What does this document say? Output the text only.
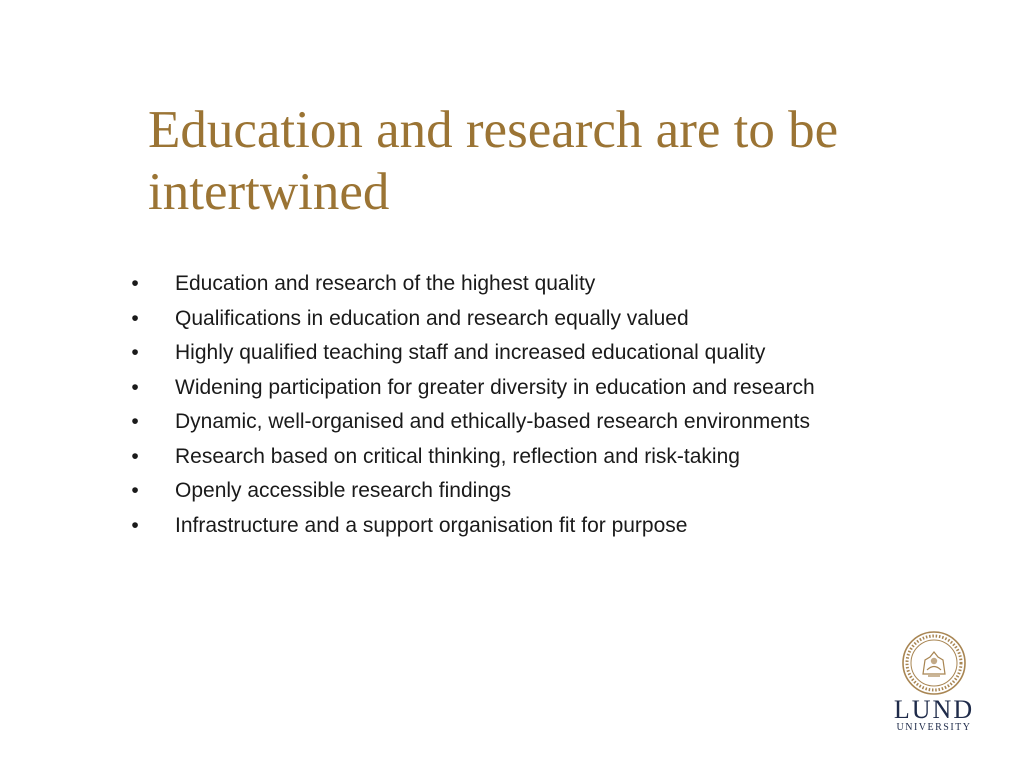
Education and research are to be intertwined
• Education and research of the highest quality
• Qualifications in education and research equally valued
• Highly qualified teaching staff and increased educational quality
• Widening participation for greater diversity in education and research
• Dynamic, well-organised and ethically-based research environments
• Research based on critical thinking, reflection and risk-taking
• Openly accessible research findings
• Infrastructure and a support organisation fit for purpose
LUND
UNIVERSITY
